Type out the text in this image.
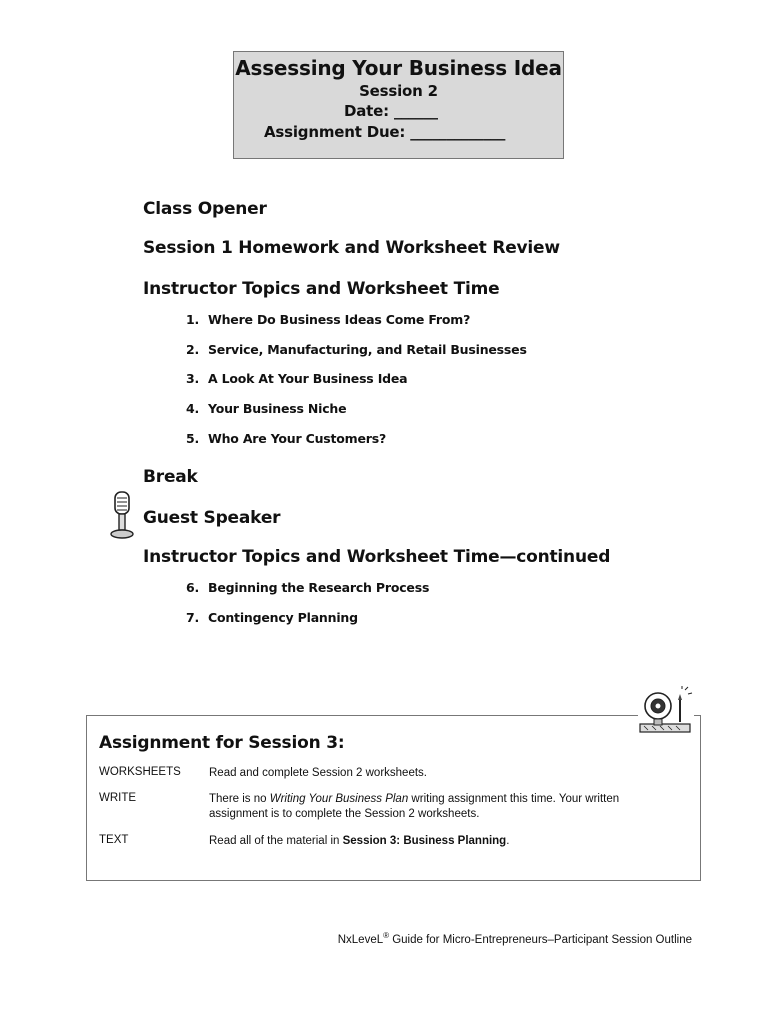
Assessing Your Business Idea
Session 2
Date: ______
Assignment Due: _____________
Class Opener
Session 1 Homework and Worksheet Review
Instructor Topics and Worksheet Time
1. Where Do Business Ideas Come From?
2. Service, Manufacturing, and Retail Businesses
3. A Look At Your Business Idea
4. Your Business Niche
5. Who Are Your Customers?
Break
Guest Speaker
Instructor Topics and Worksheet Time—continued
6. Beginning the Research Process
7. Contingency Planning
Assignment for Session 3:
WORKSHEETS	Read and complete Session 2 worksheets.
WRITE	There is no Writing Your Business Plan writing assignment this time. Your written assignment is to complete the Session 2 worksheets.
TEXT	Read all of the material in Session 3: Business Planning.
NxLeveL® Guide for Micro-Entrepreneurs–Participant Session Outline
